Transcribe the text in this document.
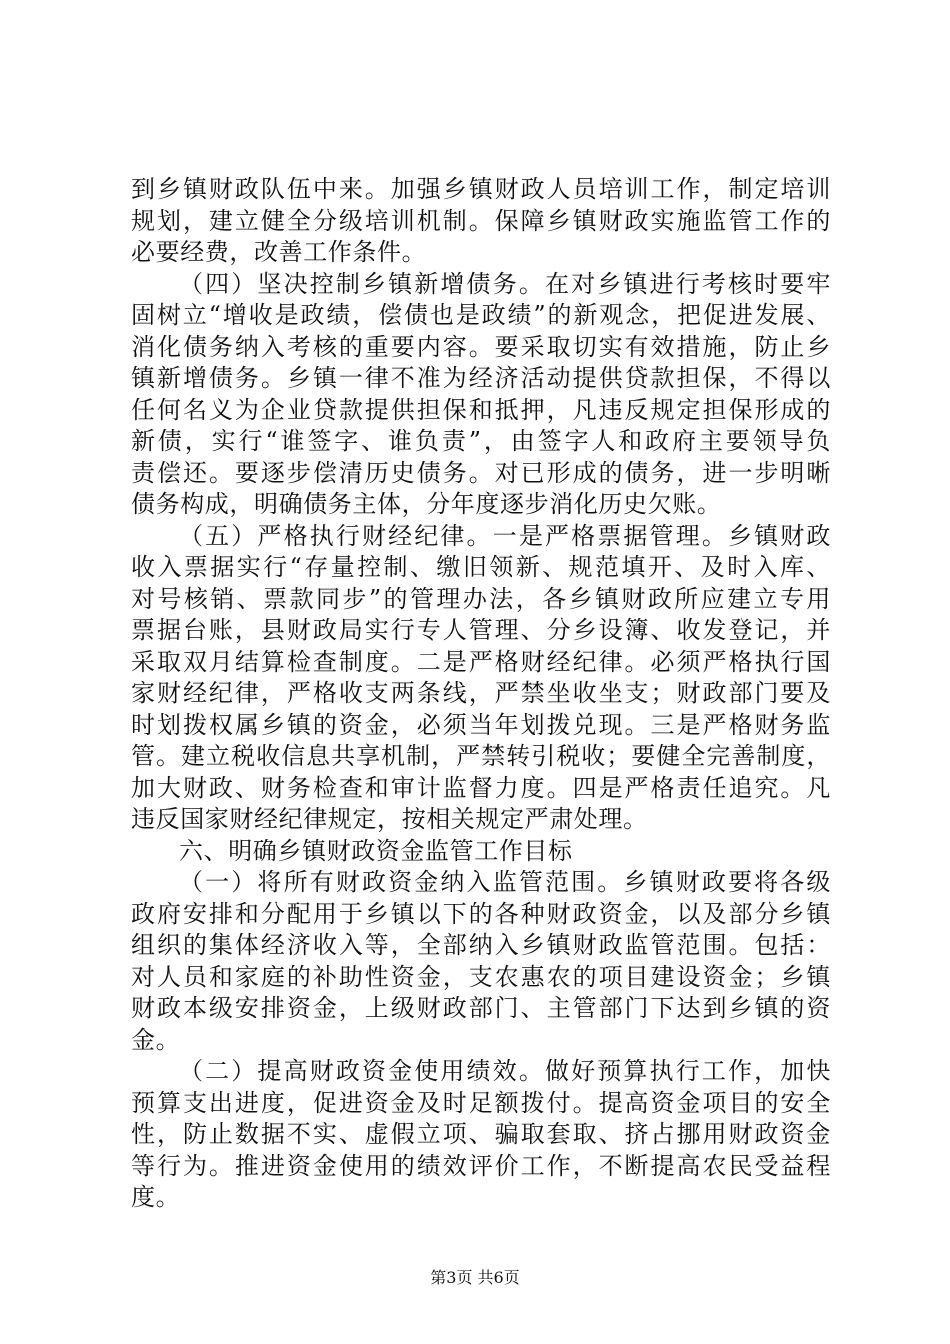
到乡镇财政队伍中来。加强乡镇财政人员培训工作，制定培训
规划，建立健全分级培训机制。保障乡镇财政实施监管工作的
必要经费，改善工作条件。
（四）坚决控制乡镇新增债务。在对乡镇进行考核时要牢
固树立“增收是政绩，偿债也是政绩”的新观念，把促进发展、
消化债务纳入考核的重要内容。要采取切实有效措施，防止乡
镇新增债务。乡镇一律不准为经济活动提供贷款担保，不得以
任何名义为企业贷款提供担保和抵押，凡违反规定担保形成的
新债，实行“谁签字、谁负责”，由签字人和政府主要领导负
责偿还。要逐步偿清历史债务。对已形成的债务，进一步明晰
债务构成，明确债务主体，分年度逐步消化历史欠账。
（五）严格执行财经纪律。一是严格票据管理。乡镇财政
收入票据实行“存量控制、缴旧领新、规范填开、及时入库、
对号核销、票款同步”的管理办法，各乡镇财政所应建立专用
票据台账，县财政局实行专人管理、分乡设簿、收发登记，并
采取双月结算检查制度。二是严格财经纪律。必须严格执行国
家财经纪律，严格收支两条线，严禁坐收坐支；财政部门要及
时划拨权属乡镇的资金，必须当年划拨兑现。三是严格财务监
管。建立税收信息共享机制，严禁转引税收；要健全完善制度，
加大财政、财务检查和审计监督力度。四是严格责任追究。凡
违反国家财经纪律规定，按相关规定严肃处理。
六、明确乡镇财政资金监管工作目标
（一）将所有财政资金纳入监管范围。乡镇财政要将各级
政府安排和分配用于乡镇以下的各种财政资金，以及部分乡镇
组织的集体经济收入等，全部纳入乡镇财政监管范围。包括：
对人员和家庭的补助性资金，支农惠农的项目建设资金；乡镇
财政本级安排资金，上级财政部门、主管部门下达到乡镇的资
金。
（二）提高财政资金使用绩效。做好预算执行工作，加快
预算支出进度，促进资金及时足额拨付。提高资金项目的安全
性，防止数据不实、虚假立项、骗取套取、挤占挪用财政资金
等行为。推进资金使用的绩效评价工作，不断提高农民受益程
度。
第3页 共6页
